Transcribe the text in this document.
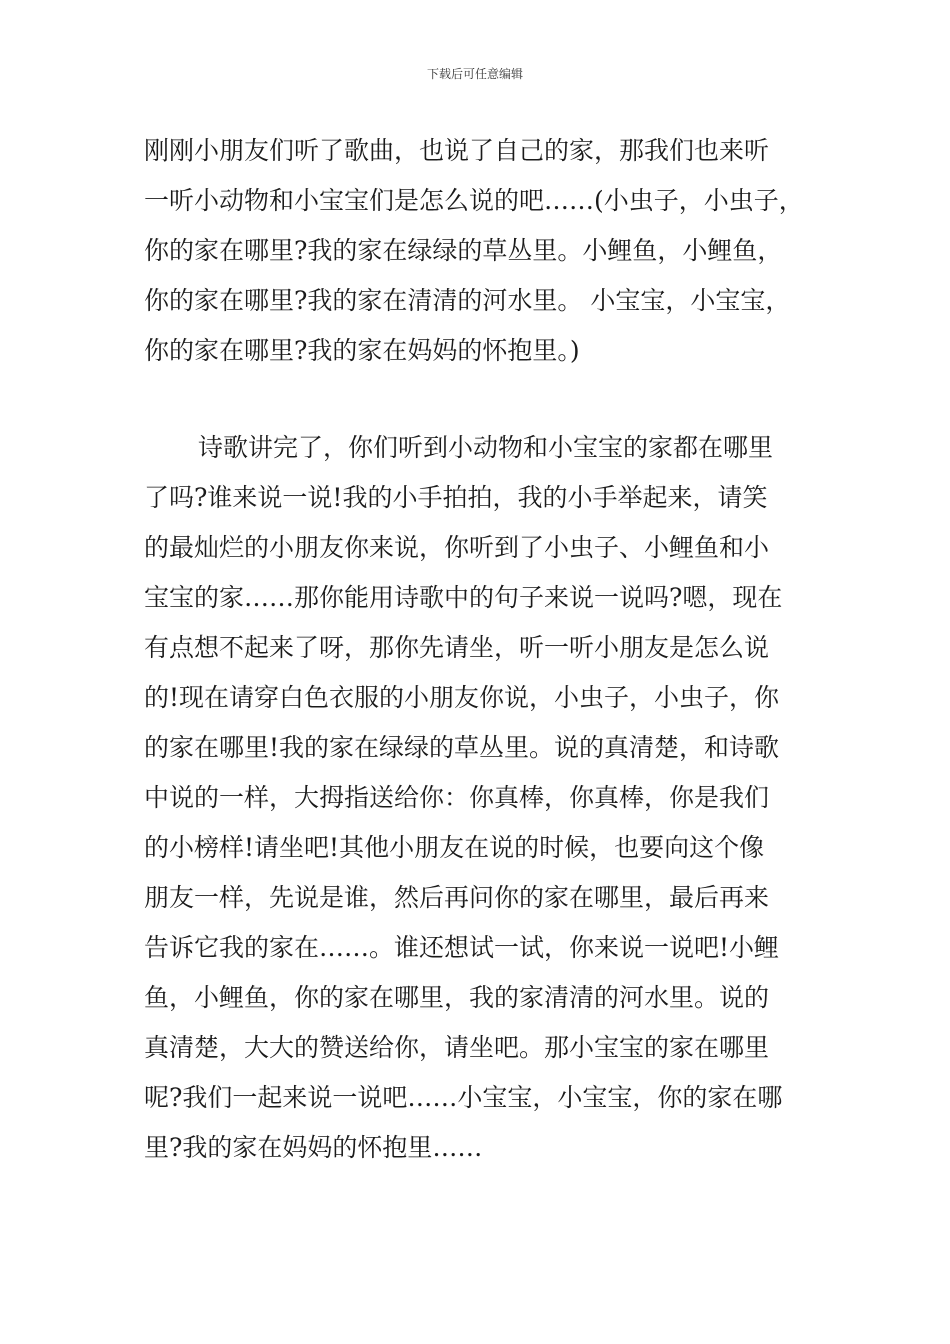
下载后可任意编辑
刚刚小朋友们听了歌曲，也说了自己的家，那我们也来听
一听小动物和小宝宝们是怎么说的吧……(小虫子，小虫子，
你的家在哪里?我的家在绿绿的草丛里。小鲤鱼，小鲤鱼，
你的家在哪里?我的家在清清的河水里。 小宝宝，小宝宝，
你的家在哪里?我的家在妈妈的怀抱里。)
诗歌讲完了，你们听到小动物和小宝宝的家都在哪里
了吗?谁来说一说!我的小手拍拍，我的小手举起来，请笑
的最灿烂的小朋友你来说，你听到了小虫子、小鲤鱼和小
宝宝的家……那你能用诗歌中的句子来说一说吗?嗯，现在
有点想不起来了呀，那你先请坐，听一听小朋友是怎么说
的!现在请穿白色衣服的小朋友你说，小虫子，小虫子，你
的家在哪里!我的家在绿绿的草丛里。说的真清楚，和诗歌
中说的一样，大拇指送给你：你真棒，你真棒，你是我们
的小榜样!请坐吧!其他小朋友在说的时候，也要向这个像
朋友一样，先说是谁，然后再问你的家在哪里，最后再来
告诉它我的家在……。谁还想试一试，你来说一说吧!小鲤
鱼，小鲤鱼，你的家在哪里，我的家清清的河水里。说的
真清楚，大大的赞送给你，请坐吧。那小宝宝的家在哪里
呢?我们一起来说一说吧……小宝宝，小宝宝，你的家在哪
里?我的家在妈妈的怀抱里……
